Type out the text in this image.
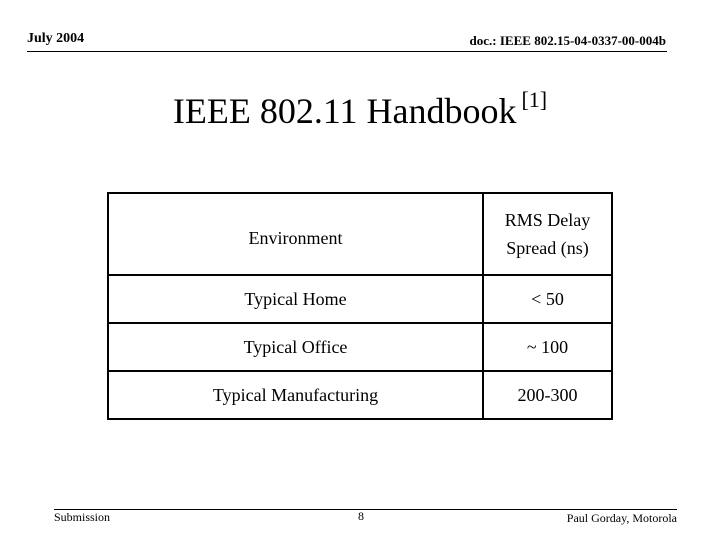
July 2004	doc.: IEEE 802.15-04-0337-00-004b
IEEE 802.11 Handbook [1]
Environment	RMS Delay
Spread (ns)

Typical Home	< 50
Typical Office	~ 100
Typical Manufacturing	200-300
Submission	8	Paul Gorday, Motorola
